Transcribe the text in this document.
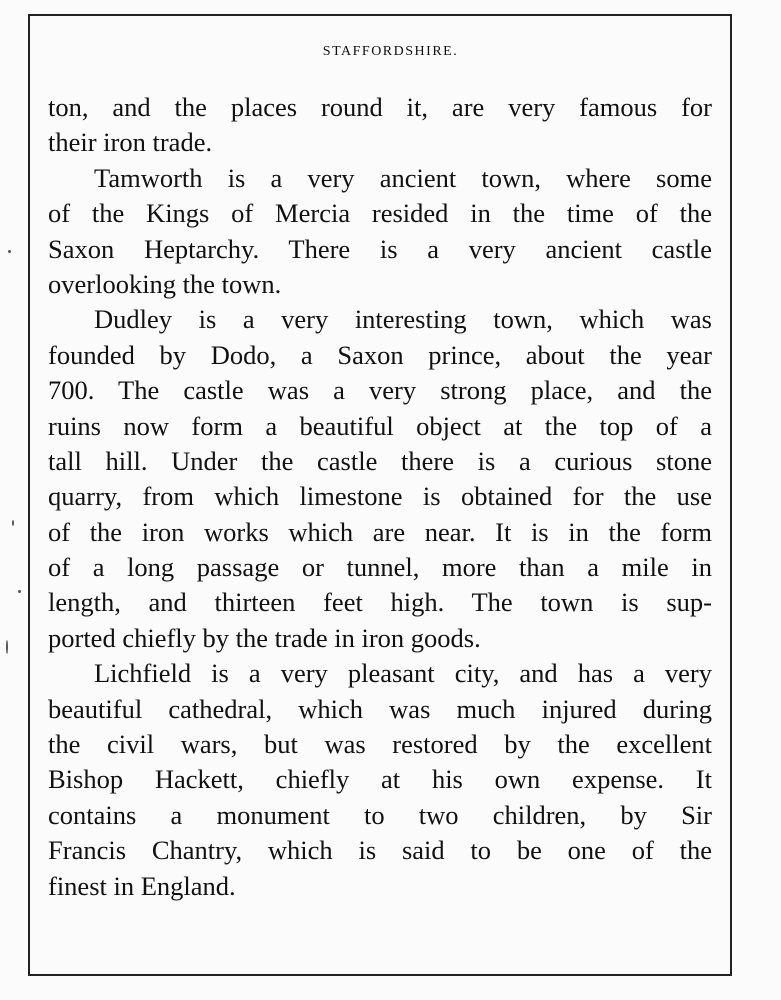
STAFFORDSHIRE.
ton, and the places round it, are very famous for
their iron trade.
Tamworth is a very ancient town, where some
of the Kings of Mercia resided in the time of the
Saxon Heptarchy. There is a very ancient castle
overlooking the town.
Dudley is a very interesting town, which was
founded by Dodo, a Saxon prince, about the year
700. The castle was a very strong place, and the
ruins now form a beautiful object at the top of a
tall hill. Under the castle there is a curious stone
quarry, from which limestone is obtained for the use
of the iron works which are near. It is in the form
of a long passage or tunnel, more than a mile in
length, and thirteen feet high. The town is sup-
ported chiefly by the trade in iron goods.
Lichfield is a very pleasant city, and has a very
beautiful cathedral, which was much injured during
the civil wars, but was restored by the excellent
Bishop Hackett, chiefly at his own expense. It
contains a monument to two children, by Sir
Francis Chantry, which is said to be one of the
finest in England.
